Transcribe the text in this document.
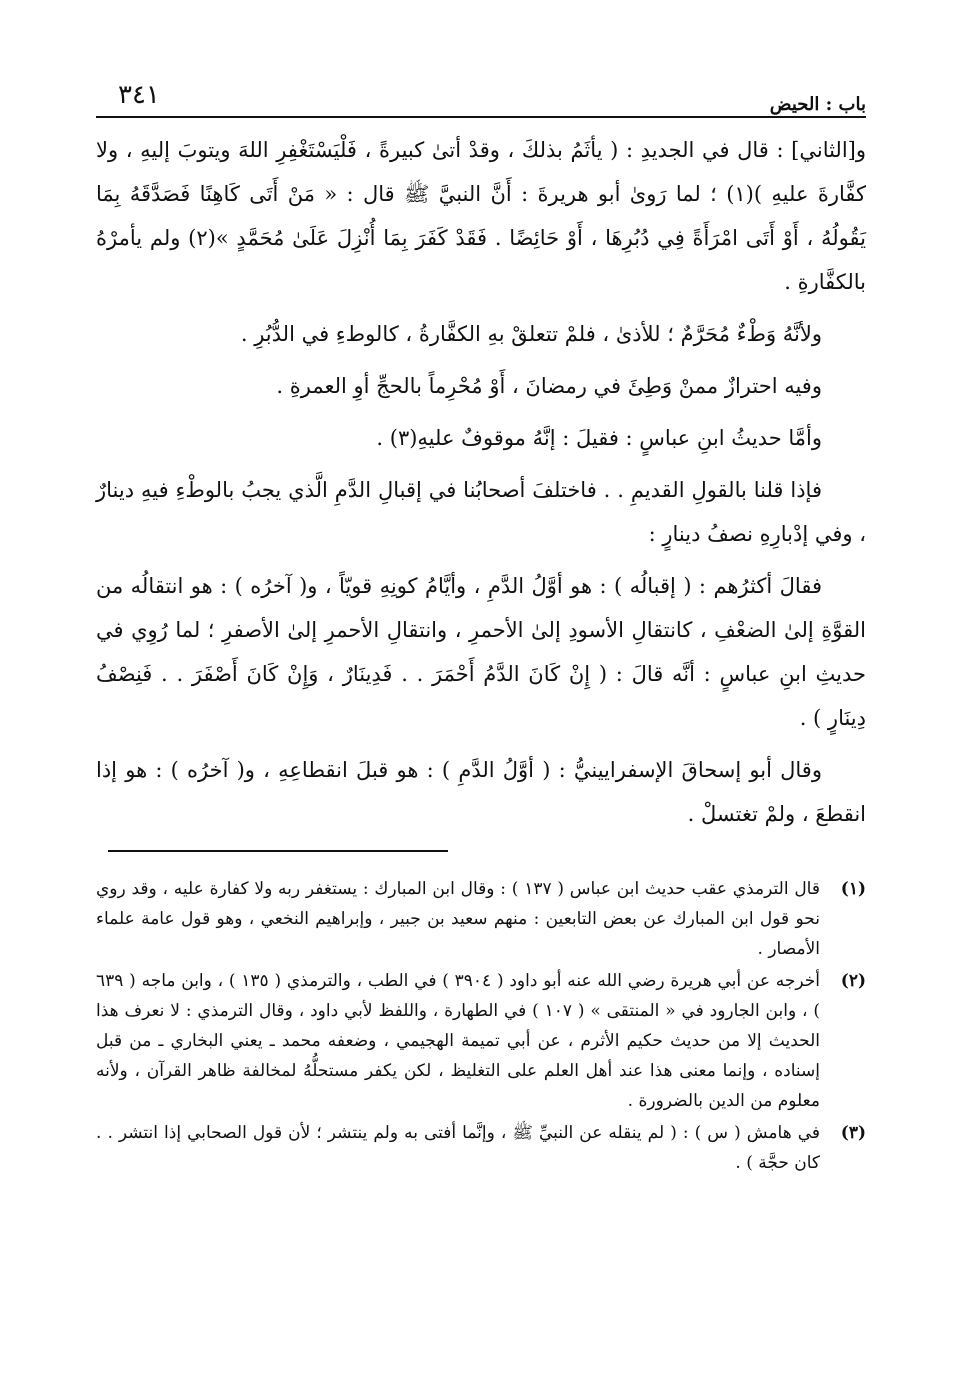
باب : الحيض
٣٤١

و[الثاني] : قال في الجديدِ : ( يأثَمُ بذلكَ ، وقدْ أتىٰ كبيرةً ، فَلْيَسْتَغْفِرِ اللهَ ويتوبَ إليهِ ، ولا كفَّارةَ عليهِ )(١) ؛ لما رَوىٰ أبو هريرةَ : أَنَّ النبيَّ ﷺ قال : « مَنْ أَتَى كَاهِنًا فَصَدَّقَهُ بِمَا يَقُولُهُ ، أَوْ أَتَى امْرَأَةً فِي دُبُرِهَا ، أَوْ حَائِضًا . فَقَدْ كَفَرَ بِمَا أُنْزِلَ عَلَىٰ مُحَمَّدٍ »(٢) ولم يأمرْهُ بالكفَّارةِ .

ولأنَّهُ وَطْءٌ مُحَرَّمٌ ؛ للأذىٰ ، فلمْ تتعلقْ بهِ الكفَّارةُ ، كالوطءِ في الدُّبُرِ .

وفيه احترازٌ ممنْ وَطِئَ في رمضانَ ، أَوْ مُحْرِماً بالحجِّ أوِ العمرةِ .

وأمَّا حديثُ ابنِ عباسٍ : فقيلَ : إنَّهُ موقوفٌ عليهِ(٣) .

فإذا قلنا بالقولِ القديمِ . . فاختلفَ أصحابُنا في إقبالِ الدَّمِ الَّذي يجبُ بالوطْءِ فيهِ دينارٌ ، وفي إدْبارِهِ نصفُ دينارٍ :

فقالَ أكثرُهم : ( إقبالُه ) : هو أوَّلُ الدَّمِ ، وأيَّامُ كونِهِ قويّاً ، و( آخرُه ) : هو انتقالُه من القوَّةِ إلىٰ الضعْفِ ، كانتقالِ الأسودِ إلىٰ الأحمرِ ، وانتقالِ الأحمرِ إلىٰ الأصفرِ ؛ لما رُوِي في حديثِ ابنِ عباسٍ : أنَّه قالَ : ( إِنْ كَانَ الدَّمُ أَحْمَرَ . . فَدِينَارٌ ، وَإِنْ كَانَ أَصْفَرَ . . فَنِصْفُ دِينَارٍ ) .

وقال أبو إسحاقَ الإسفرايينيُّ : ( أوَّلُ الدَّمِ ) : هو قبلَ انقطاعِهِ ، و( آخرُه ) : هو إذا انقطعَ ، ولمْ تغتسلْ .

(١)
قال الترمذي عقب حديث ابن عباس ( ١٣٧ ) : وقال ابن المبارك : يستغفر ربه ولا كفارة عليه ، وقد روي نحو قول ابن المبارك عن بعض التابعين : منهم سعيد بن جبير ، وإبراهيم النخعي ، وهو قول عامة علماء الأمصار .
(٢)
أخرجه عن أبي هريرة رضي الله عنه أبو داود ( ٣٩٠٤ ) في الطب ، والترمذي ( ١٣٥ ) ، وابن ماجه ( ٦٣٩ ) ، وابن الجارود في « المنتقى » ( ١٠٧ ) في الطهارة ، واللفظ لأبي داود ، وقال الترمذي : لا نعرف هذا الحديث إلا من حديث حكيم الأثرم ، عن أبي تميمة الهجيمي ، وضعفه محمد ـ يعني البخاري ـ من قبل إسناده ، وإنما معنى هذا عند أهل العلم على التغليظ ، لكن يكفر مستحلُّهُ لمخالفة ظاهر القرآن ، ولأنه معلوم من الدين بالضرورة .
(٣)
في هامش ( س ) : ( لم ينقله عن النبيِّ ﷺ ، وإنَّما أفتى به ولم ينتشر ؛ لأن قول الصحابي إذا انتشر . . كان حجَّة ) .
